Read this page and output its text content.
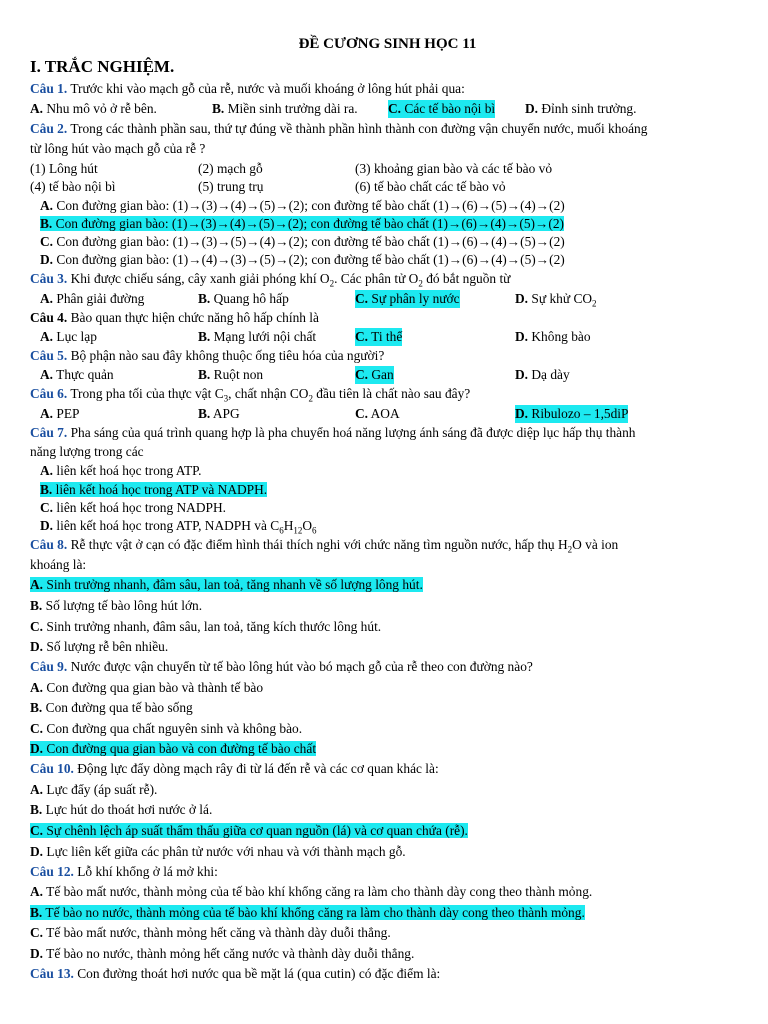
ĐỀ CƯƠNG SINH HỌC 11
I. TRẮC NGHIỆM.
Câu 1. Trước khi vào mạch gỗ của rễ, nước và muối khoáng ở lông hút phải qua:
A. Nhu mô vỏ ở rễ bên.	B. Miền sinh trưởng dài ra. C. Các tế bào nội bì D. Đỉnh sinh trưởng.
Câu 2. Trong các thành phần sau, thứ tự đúng về thành phần hình thành con đường vận chuyển nước, muối khoáng
từ lông hút vào mạch gỗ của rễ ?
(1) Lông hút	(2) mạch gỗ	(3) khoảng gian bào và các tế bào vỏ
(4) tế bào nội bì	(5) trung trụ	(6) tế bào chất các tế bào vỏ
A. Con đường gian bào: (1)→(3)→(4)→(5)→(2); con đường tế bào chất (1)→(6)→(5)→(4)→(2)
B. Con đường gian bào: (1)→(3)→(4)→(5)→(2); con đường tế bào chất (1)→(6)→(4)→(5)→(2)
C. Con đường gian bào: (1)→(3)→(5)→(4)→(2); con đường tế bào chất (1)→(6)→(4)→(5)→(2)
D. Con đường gian bào: (1)→(4)→(3)→(5)→(2); con đường tế bào chất (1)→(6)→(4)→(5)→(2)
Câu 3. Khi được chiếu sáng, cây xanh giải phóng khí $O_2$. Các phân tử $O_2$ đó bắt nguồn từ
A. Phân giải đường	B. Quang hô hấp	C. Sự phân ly nước	D. Sự khử $CO_2$
Câu 4. Bào quan thực hiện chức năng hô hấp chính là
A. Lục lạp	B. Mạng lưới nội chất	C. Ti thể	D. Không bào
Câu 5. Bộ phận nào sau đây không thuộc ống tiêu hóa của người?
A. Thực quản	B. Ruột non	C. Gan	D. Dạ dày
Câu 6. Trong pha tối của thực vật $C_3$, chất nhận $CO_2$ đầu tiên là chất nào sau đây?
A. PEP	B. APG	C. AOA	D. Ribulozo – 1,5diP
Câu 7. Pha sáng của quá trình quang hợp là pha chuyển hoá năng lượng ánh sáng đã được diệp lục hấp thụ thành
năng lượng trong các
A. liên kết hoá học trong ATP.
B. liên kết hoá học trong ATP và NADPH.
C. liên kết hoá học trong NADPH.
D. liên kết hoá học trong ATP, NADPH và $C_6H_{12}O_6$
Câu 8. Rễ thực vật ở cạn có đặc điểm hình thái thích nghi với chức năng tìm nguồn nước, hấp thụ $H_2O$ và ion
khoáng là:
A. Sinh trưởng nhanh, đâm sâu, lan toả, tăng nhanh về số lượng lông hút.
B. Số lượng tế bào lông hút lớn.
C. Sinh trưởng nhanh, đâm sâu, lan toả, tăng kích thước lông hút.
D. Số lượng rễ bên nhiều.
Câu 9. Nước được vận chuyển từ tế bào lông hút vào bó mạch gỗ của rễ theo con đường nào?
A. Con đường qua gian bào và thành tế bào
B. Con đường qua tế bào sống
C. Con đường qua chất nguyên sinh và không bào.
D. Con đường qua gian bào và con đường tế bào chất
Câu 10. Động lực đẩy dòng mạch rây đi từ lá đến rễ và các cơ quan khác là:
A. Lực đẩy (áp suất rễ).
B. Lực hút do thoát hơi nước ở lá.
C. Sự chênh lệch áp suất thẩm thấu giữa cơ quan nguồn (lá) và cơ quan chứa (rễ).
D. Lực liên kết giữa các phân tử nước với nhau và với thành mạch gỗ.
Câu 12. Lỗ khí khổng ở lá mở khi:
A. Tế bào mất nước, thành mỏng của tế bào khí khổng căng ra làm cho thành dày cong theo thành mỏng.
B. Tế bào no nước, thành mỏng của tế bào khí khổng căng ra làm cho thành dày cong theo thành mỏng.
C. Tế bào mất nước, thành mỏng hết căng và thành dày duỗi thẳng.
D. Tế bào no nước, thành mỏng hết căng nước và thành dày duỗi thẳng.
Câu 13. Con đường thoát hơi nước qua bề mặt lá (qua cutin) có đặc điểm là:
